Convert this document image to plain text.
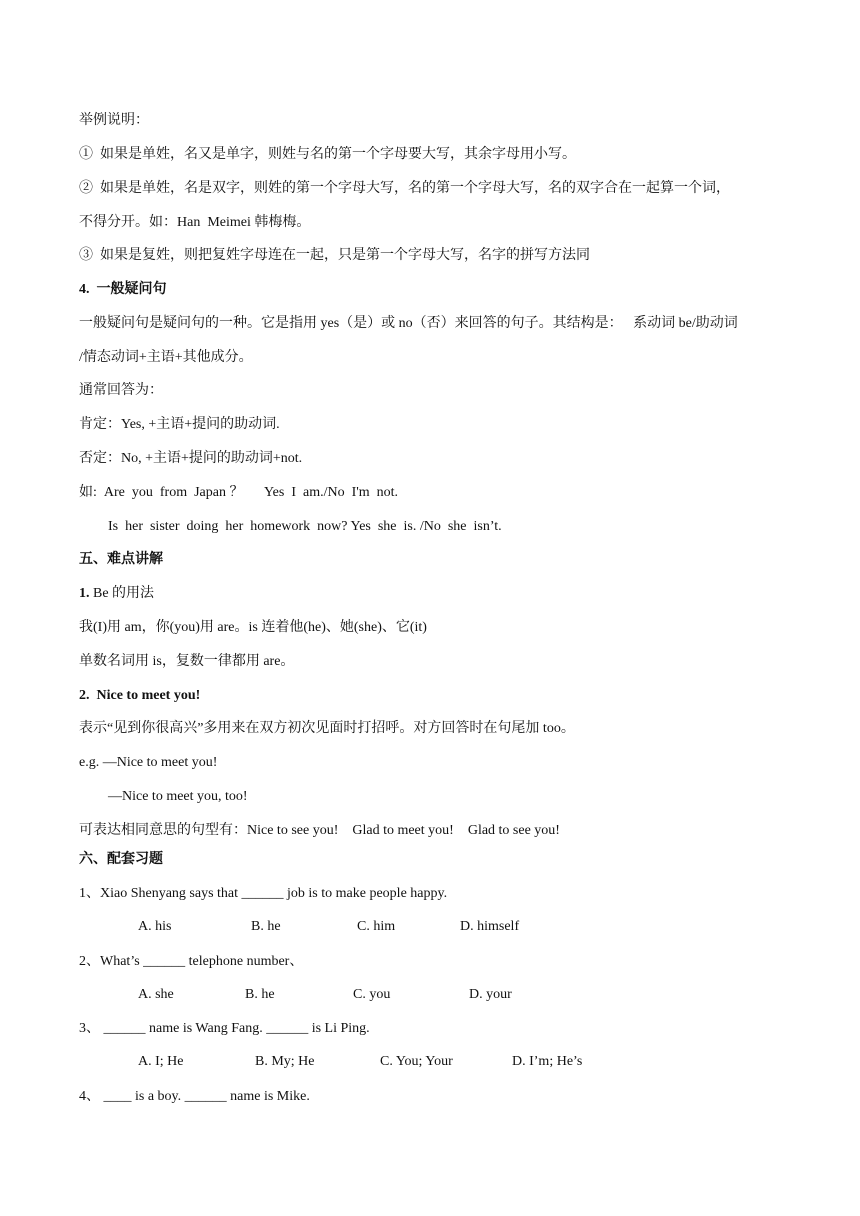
举例说明：
①  如果是单姓，名又是单字，则姓与名的第一个字母要大写，其余字母用小写。
②  如果是单姓，名是双字，则姓的第一个字母大写，名的第一个字母大写，名的双字合在一起算一个词，
不得分开。如：Han  Meimei 韩梅梅。
③  如果是复姓，则把复姓字母连在一起，只是第一个字母大写，名字的拼写方法同
4.  一般疑问句
一般疑问句是疑问句的一种。它是指用 yes（是）或 no（否）来回答的句子。其结构是：   系动词 be/助动词
/情态动词+主语+其他成分。
通常回答为：
肯定：Yes, +主语+提问的助动词.
否定：No, +主语+提问的助动词+not.
如:  Are  you  from  Japan ？      Yes  I  am./No  I'm  not.
Is  her  sister  doing  her  homework  now? Yes  she  is. /No  she  isn’t.
五、难点讲解
1. Be 的用法
我(I)用 am，你(you)用 are。is 连着他(he)、她(she)、它(it)
单数名词用 is，复数一律都用 are。
2.  Nice to meet you!
表示“见到你很高兴”多用来在双方初次见面时打招呼。对方回答时在句尾加 too。
e.g. —Nice to meet you!
—Nice to meet you, too!
可表达相同意思的句型有：Nice to see you!    Glad to meet you!    Glad to see you!
六、配套习题
1、Xiao Shenyang says that ______ job is to make people happy.
A. his	B. he	C. him	D. himself
2、What’s ______ telephone number、
A. she	B. he	C. you	D. your
3、 ______ name is Wang Fang. ______ is Li Ping.
A. I; He	B. My; He	C. You; Your	D. I’m; He’s
4、 ____ is a boy. ______ name is Mike.
